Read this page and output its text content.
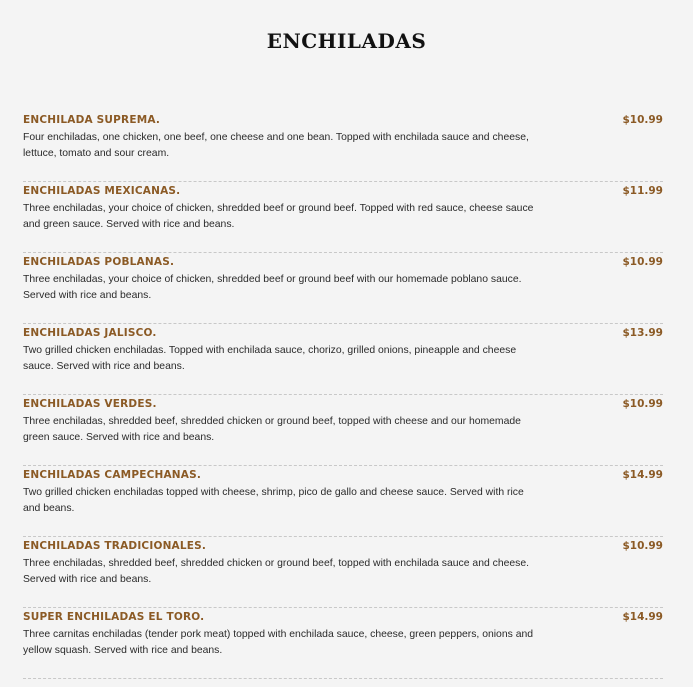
ENCHILADAS
ENCHILADA SUPREMA.	$10.99
Four enchiladas, one chicken, one beef, one cheese and one bean. Topped with enchilada sauce and cheese, lettuce, tomato and sour cream.
ENCHILADAS MEXICANAS.	$11.99
Three enchiladas, your choice of chicken, shredded beef or ground beef. Topped with red sauce, cheese sauce and green sauce. Served with rice and beans.
ENCHILADAS POBLANAS.	$10.99
Three enchiladas, your choice of chicken, shredded beef or ground beef with our homemade poblano sauce. Served with rice and beans.
ENCHILADAS JALISCO.	$13.99
Two grilled chicken enchiladas. Topped with enchilada sauce, chorizo, grilled onions, pineapple and cheese sauce. Served with rice and beans.
ENCHILADAS VERDES.	$10.99
Three enchiladas, shredded beef, shredded chicken or ground beef, topped with cheese and our homemade green sauce. Served with rice and beans.
ENCHILADAS CAMPECHANAS.	$14.99
Two grilled chicken enchiladas topped with cheese, shrimp, pico de gallo and cheese sauce. Served with rice and beans.
ENCHILADAS TRADICIONALES.	$10.99
Three enchiladas, shredded beef, shredded chicken or ground beef, topped with enchilada sauce and cheese. Served with rice and beans.
SUPER ENCHILADAS EL TORO.	$14.99
Three carnitas enchiladas (tender pork meat) topped with enchilada sauce, cheese, green peppers, onions and yellow squash. Served with rice and beans.
